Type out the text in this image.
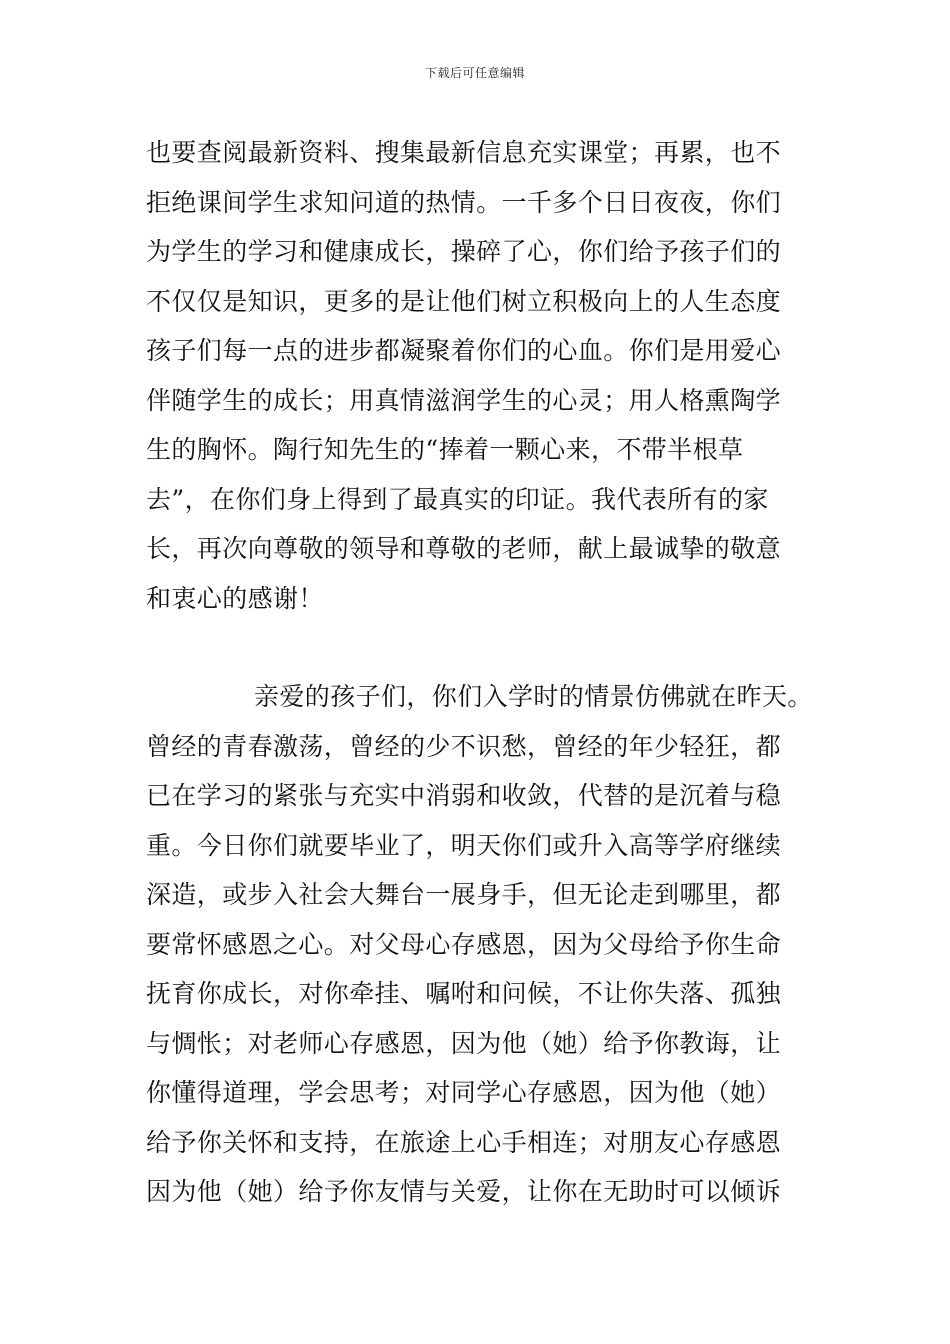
下载后可任意编辑
也要查阅最新资料、搜集最新信息充实课堂；再累，也不
拒绝课间学生求知问道的热情。一千多个日日夜夜，你们
为学生的学习和健康成长，操碎了心，你们给予孩子们的
不仅仅是知识，更多的是让他们树立积极向上的人生态度
孩子们每一点的进步都凝聚着你们的心血。你们是用爱心
伴随学生的成长；用真情滋润学生的心灵；用人格熏陶学
生的胸怀。陶行知先生的“捧着一颗心来，不带半根草
去”，在你们身上得到了最真实的印证。我代表所有的家
长，再次向尊敬的领导和尊敬的老师，献上最诚挚的敬意
和衷心的感谢！
亲爱的孩子们，你们入学时的情景仿佛就在昨天。
曾经的青春激荡，曾经的少不识愁，曾经的年少轻狂，都
已在学习的紧张与充实中消弱和收敛，代替的是沉着与稳
重。今日你们就要毕业了，明天你们或升入高等学府继续
深造，或步入社会大舞台一展身手，但无论走到哪里，都
要常怀感恩之心。对父母心存感恩，因为父母给予你生命
抚育你成长，对你牵挂、嘱咐和问候，不让你失落、孤独
与惆怅；对老师心存感恩，因为他（她）给予你教诲，让
你懂得道理，学会思考；对同学心存感恩，因为他（她）
给予你关怀和支持，在旅途上心手相连；对朋友心存感恩
因为他（她）给予你友情与关爱，让你在无助时可以倾诉
